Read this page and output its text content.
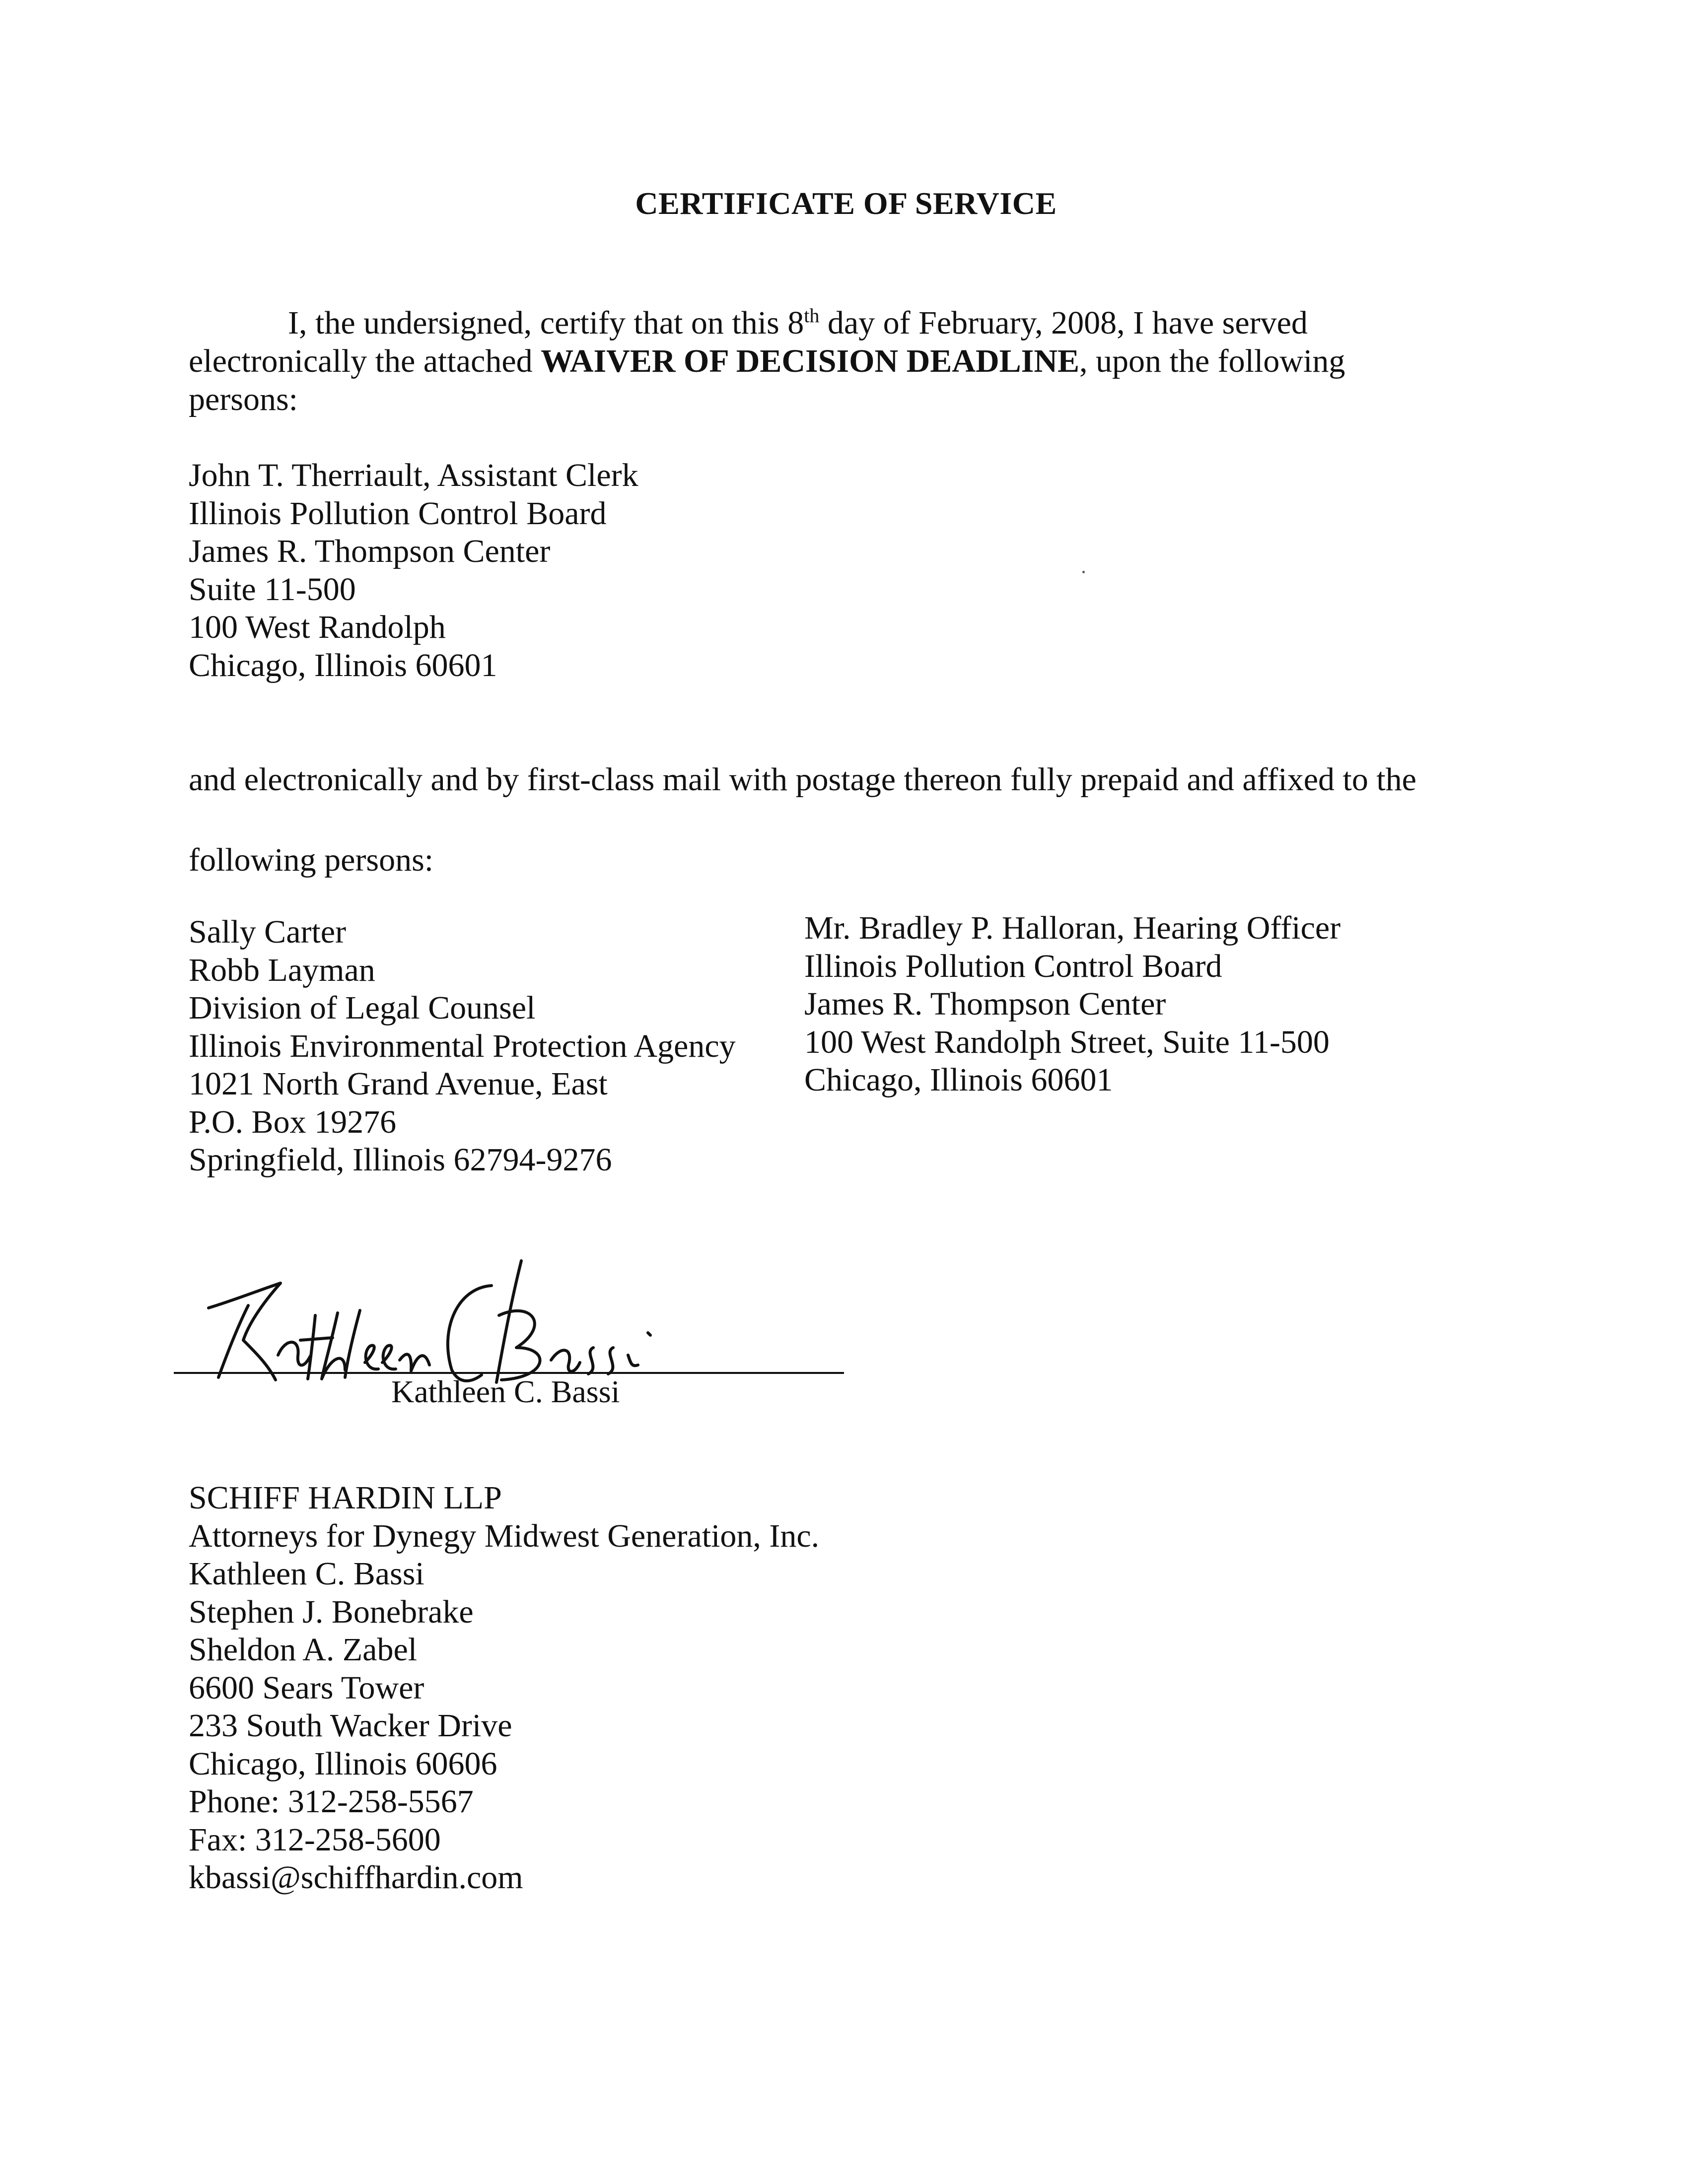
CERTIFICATE OF SERVICE
I, the undersigned, certify that on this 8th day of February, 2008, I have served electronically the attached WAIVER OF DECISION DEADLINE, upon the following persons:
John T. Therriault, Assistant Clerk
Illinois Pollution Control Board
James R. Thompson Center
Suite 11-500
100 West Randolph
Chicago, Illinois 60601
and electronically and by first-class mail with postage thereon fully prepaid and affixed to the
following persons:
Sally Carter
Robb Layman
Division of Legal Counsel
Illinois Environmental Protection Agency
1021 North Grand Avenue, East
P.O. Box 19276
Springfield, Illinois 62794-9276
Mr. Bradley P. Halloran, Hearing Officer
Illinois Pollution Control Board
James R. Thompson Center
100 West Randolph Street, Suite 11-500
Chicago, Illinois 60601
Kathleen C. Bassi
SCHIFF HARDIN LLP
Attorneys for Dynegy Midwest Generation, Inc.
Kathleen C. Bassi
Stephen J. Bonebrake
Sheldon A. Zabel
6600 Sears Tower
233 South Wacker Drive
Chicago, Illinois 60606
Phone: 312-258-5567
Fax: 312-258-5600
kbassi@schiffhardin.com
